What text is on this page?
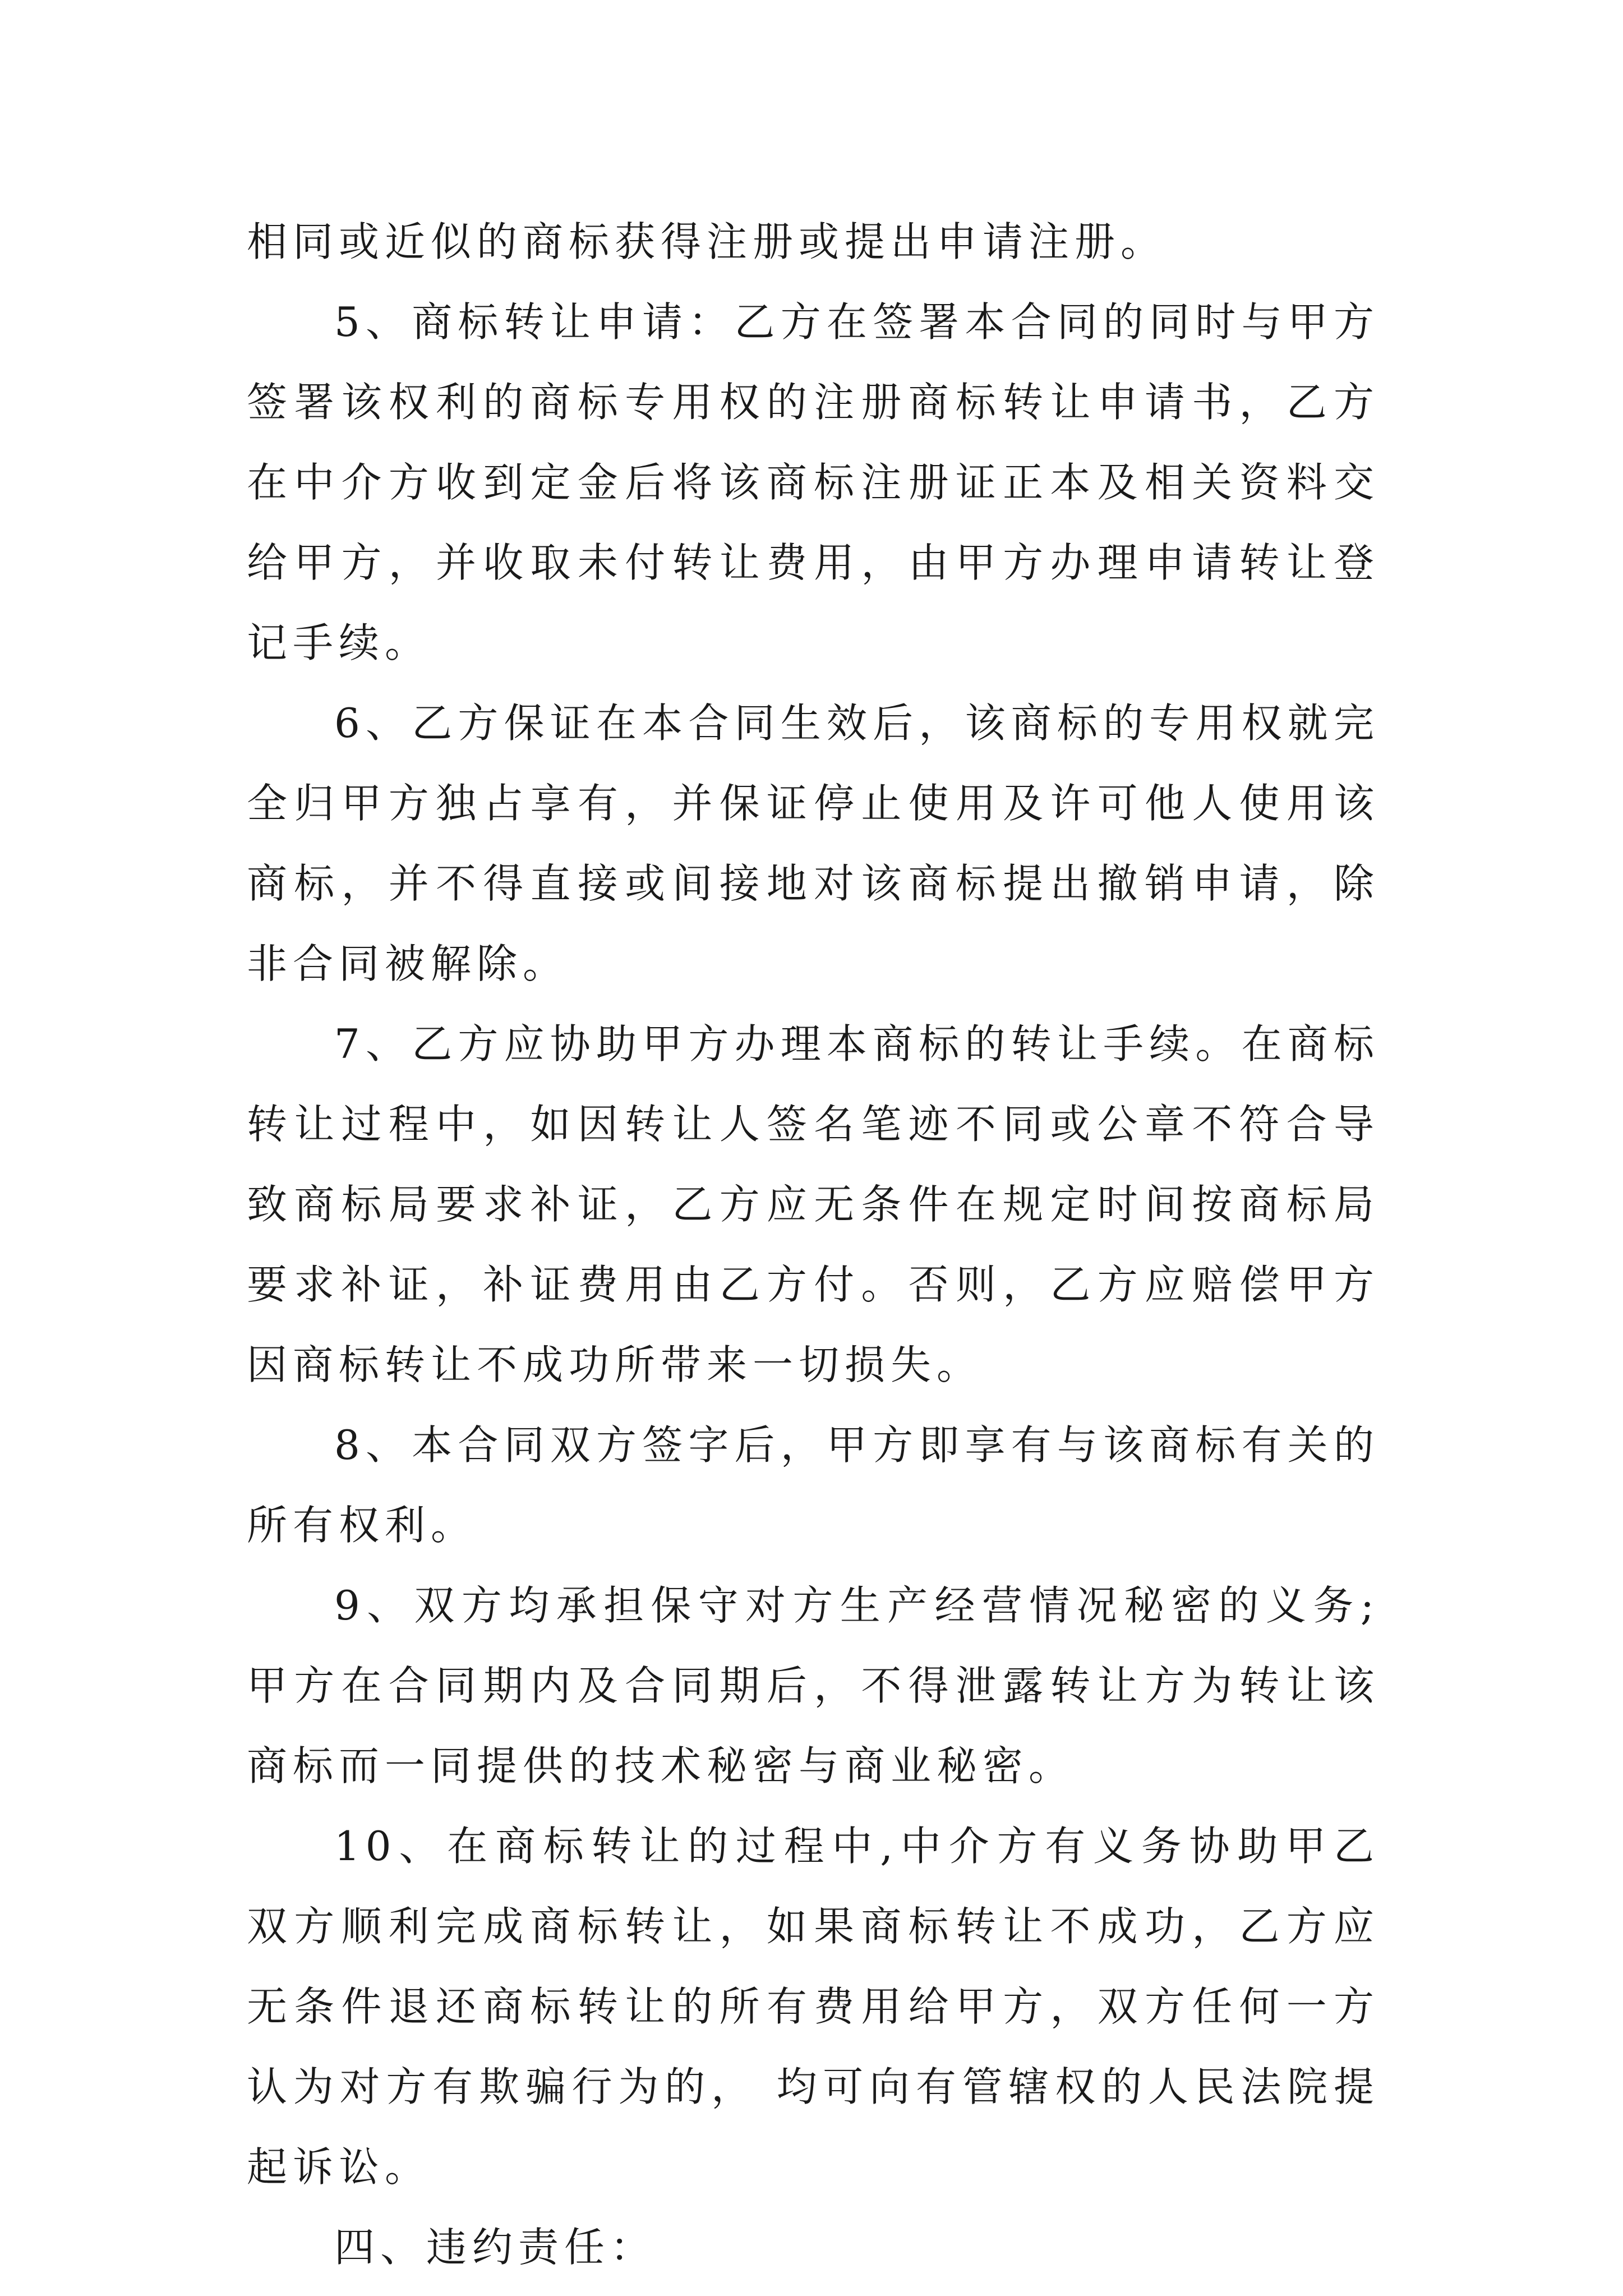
相同或近似的商标获得注册或提出申请注册。

5、商标转让申请：乙方在签署本合同的同时与甲方签署该权利的商标专用权的注册商标转让申请书，乙方在中介方收到定金后将该商标注册证正本及相关资料交给甲方，并收取未付转让费用，由甲方办理申请转让登记手续。

6、乙方保证在本合同生效后，该商标的专用权就完全归甲方独占享有，并保证停止使用及许可他人使用该商标，并不得直接或间接地对该商标提出撤销申请，除非合同被解除。

7、乙方应协助甲方办理本商标的转让手续。在商标转让过程中，如因转让人签名笔迹不同或公章不符合导致商标局要求补证，乙方应无条件在规定时间按商标局要求补证，补证费用由乙方付。否则，乙方应赔偿甲方因商标转让不成功所带来一切损失。

8、本合同双方签字后，甲方即享有与该商标有关的所有权利。

9、双方均承担保守对方生产经营情况秘密的义务;甲方在合同期内及合同期后，不得泄露转让方为转让该商标而一同提供的技术秘密与商业秘密。

10、在商标转让的过程中,中介方有义务协助甲乙双方顺利完成商标转让，如果商标转让不成功，乙方应无条件退还商标转让的所有费用给甲方，双方任何一方认为对方有欺骗行为的， 均可向有管辖权的人民法院提起诉讼。

四、违约责任：
